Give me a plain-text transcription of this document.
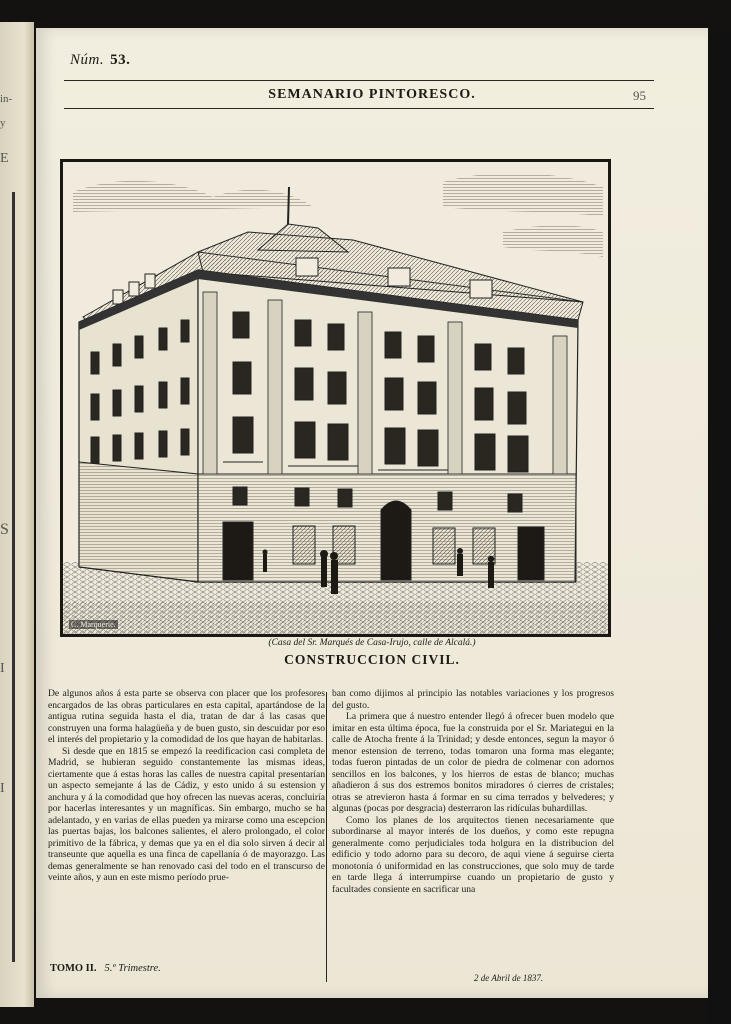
in-
y
E
S
I
I
Núm. 53.
SEMANARIO PINTORESCO.	95
C. Marquerie.
(Casa del Sr. Marqués de Casa-Irujo, calle de Alcalá.)
CONSTRUCCION CIVIL.

De algunos años á esta parte se observa con placer que los profesores encargados de las obras particulares en esta capital, apartándose de la antigua rutina seguida hasta el dia, tratan de dar á las casas que construyen una forma halagüeña y de buen gusto, sin descuidar por eso el interés del propietario y la comodidad de los que hayan de habitarlas.

Si desde que en 1815 se empezó la reedificacion casi completa de Madrid, se hubieran seguido constantemente las mismas ideas, ciertamente que á estas horas las calles de nuestra capital presentarían un aspecto semejante á las de Cádiz, y esto unido á su estension y anchura y á la comodidad que hoy ofrecen las nuevas aceras, concluiría por hacerlas interesantes y un magníficas. Sin embargo, mucho se ha adelantado, y en varias de ellas pueden ya mirarse como una escepcion las puertas bajas, los balcones salientes, el alero prolongado, el color primitivo de la fábrica, y demas que ya en el dia solo sirven á decir al transeunte que aquella es una finca de capellanía ó de mayorazgo. Las demas generalmente se han renovado casi del todo en el transcurso de veinte años, y aun en este mismo período prue-

ban como dijimos al principio las notables variaciones y los progresos del gusto.

La primera que á nuestro entender llegó á ofrecer buen modelo que imitar en esta última época, fue la construida por el Sr. Mariategui en la calle de Atocha frente á la Trinidad; y desde entonces, segun la mayor ó menor estension de terreno, todas tomaron una forma mas elegante; todas fueron pintadas de un color de piedra de colmenar con adornos sencillos en los balcones, y los hierros de estas de blanco; muchas añadieron á sus dos estremos bonitos miradores ó cierres de cristales; otras se atrevieron hasta á formar en su cima terrados y belvederes; y algunas (pocas por desgracia) desterraron las ridículas buhardillas.

Como los planes de los arquitectos tienen necesariamente que subordinarse al mayor interés de los dueños, y como este repugna generalmente como perjudiciales toda holgura en la distribucion del edificio y todo adorno para su decoro, de aqui viene á seguirse cierta monotonía ó uniformidad en las construcciones, que solo muy de tarde en tarde llega á interrumpirse cuando un propietario de gusto y facultades consiente en sacrificar una

TOMO II. 5.º Trimestre.
2 de Abril de 1837.
